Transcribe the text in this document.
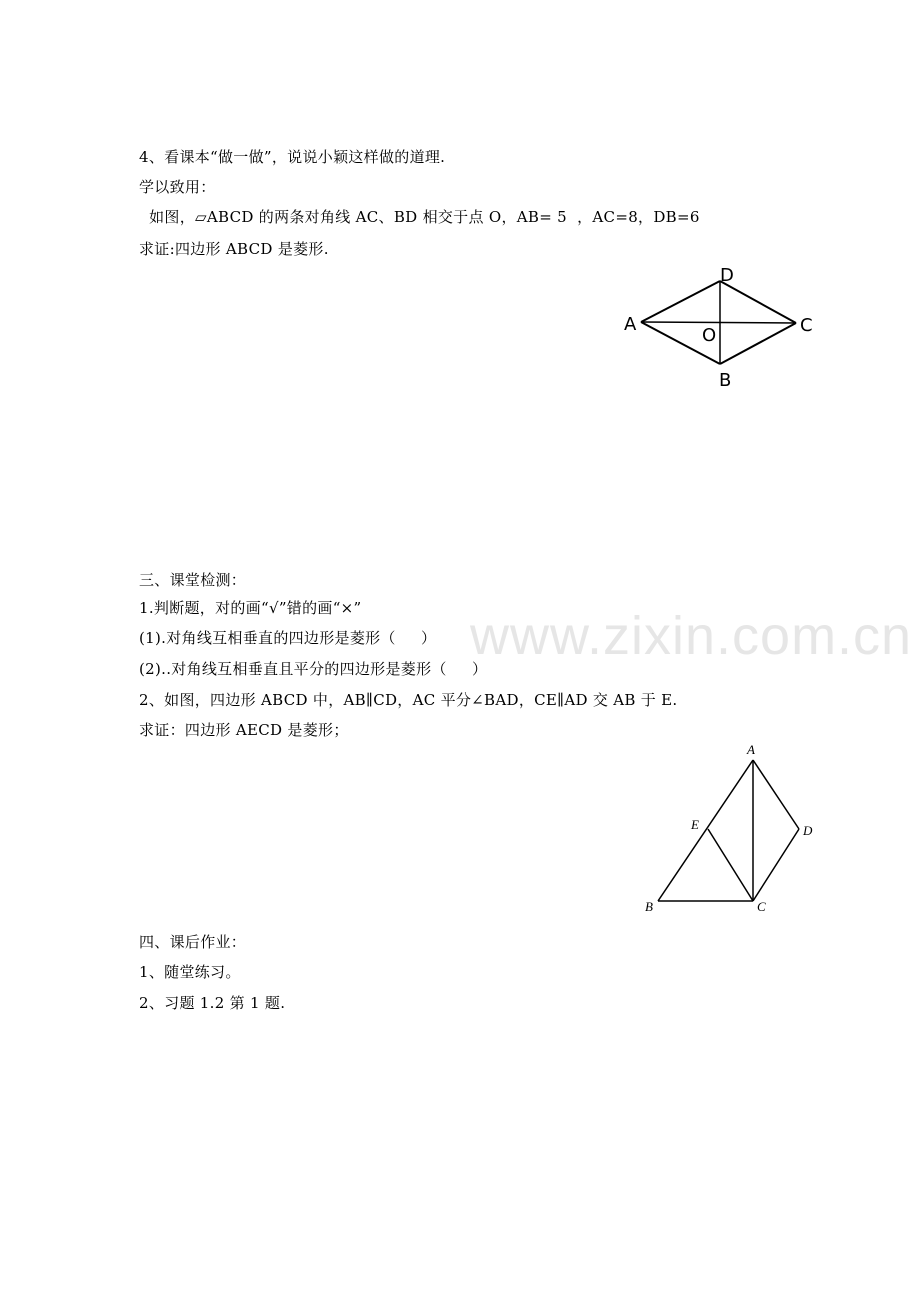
www.zixin.com.cn
4、看课本“做一做”，说说小颖这样做的道理.
学以致用：
如图，▱ABCD 的两条对角线 AC、BD 相交于点 O，AB= 5  ，AC=8，DB=6
求证:四边形 ABCD 是菱形.
D
A
O	C
B
三、课堂检测：
1.判断题，对的画“√”错的画“×”
(1).对角线互相垂直的四边形是菱形（     ）
(2)..对角线互相垂直且平分的四边形是菱形（     ）
2、如图，四边形 ABCD 中，AB∥CD，AC 平分∠BAD，CE∥AD 交 AB 于 E.
求证：四边形 AECD 是菱形；
A
E	D
B	C
四、课后作业：
1、随堂练习。
2、习题 1.2 第 1 题.
